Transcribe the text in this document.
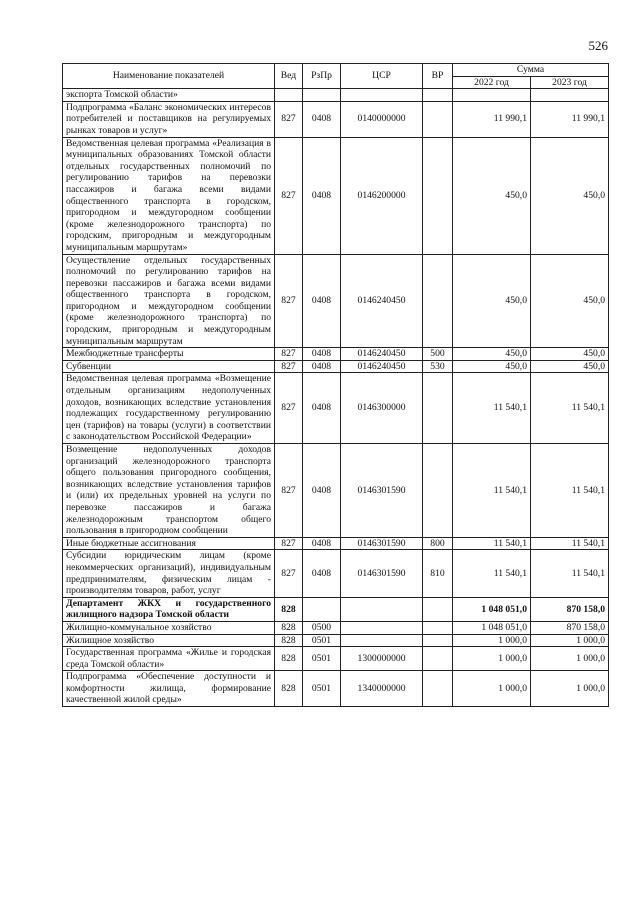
526
Наименование показателей	Вед	РзПр	ЦСР	ВР	Сумма	
					2022 год	2023 год
экспорта Томской области»						
Подпрограмма «Баланс экономических интересов потребителей и поставщиков на регулируемых рынках товаров и услуг»	827	0408	0140000000		11 990,1	11 990,1
Ведомственная целевая программа «Реализация в муниципальных образованиях Томской области отдельных государственных полномочий по регулированию тарифов на перевозки пассажиров и багажа всеми видами общественного транспорта в городском, пригородном и междугородном сообщении (кроме железнодорожного транспорта) по городским, пригородным и междугородным муниципальным маршрутам»	827	0408	0146200000		450,0	450,0
Осуществление отдельных государственных полномочий по регулированию тарифов на перевозки пассажиров и багажа всеми видами общественного транспорта в городском, пригородном и междугородном сообщении (кроме железнодорожного транспорта) по городским, пригородным и междугородным муниципальным маршрутам	827	0408	0146240450		450,0	450,0
Межбюджетные трансферты	827	0408	0146240450	500	450,0	450,0
Субвенции	827	0408	0146240450	530	450,0	450,0
Ведомственная целевая программа «Возмещение отдельным организациям недополученных доходов, возникающих вследствие установления подлежащих государственному регулированию цен (тарифов) на товары (услуги) в соответствии с законодательством Российской Федерации»	827	0408	0146300000		11 540,1	11 540,1
Возмещение недополученных доходов организаций железнодорожного транспорта общего пользования пригородного сообщения, возникающих вследствие установления тарифов и (или) их предельных уровней на услуги по перевозке пассажиров и багажа железнодорожным транспортом общего пользования в пригородном сообщении	827	0408	0146301590		11 540,1	11 540,1
Иные бюджетные ассигнования	827	0408	0146301590	800	11 540,1	11 540,1
Субсидии юридическим лицам (кроме некоммерческих организаций), индивидуальным предпринимателям, физическим лицам - производителям товаров, работ, услуг	827	0408	0146301590	810	11 540,1	11 540,1
Департамент ЖКХ и государственного жилищного надзора Томской области	828				1 048 051,0	870 158,0
Жилищно-коммунальное хозяйство	828	0500			1 048 051,0	870 158,0
Жилищное хозяйство	828	0501			1 000,0	1 000,0
Государственная программа «Жилье и городская среда Томской области»	828	0501	1300000000		1 000,0	1 000,0
Подпрограмма «Обеспечение доступности и комфортности жилища, формирование качественной жилой среды»	828	0501	1340000000		1 000,0	1 000,0
